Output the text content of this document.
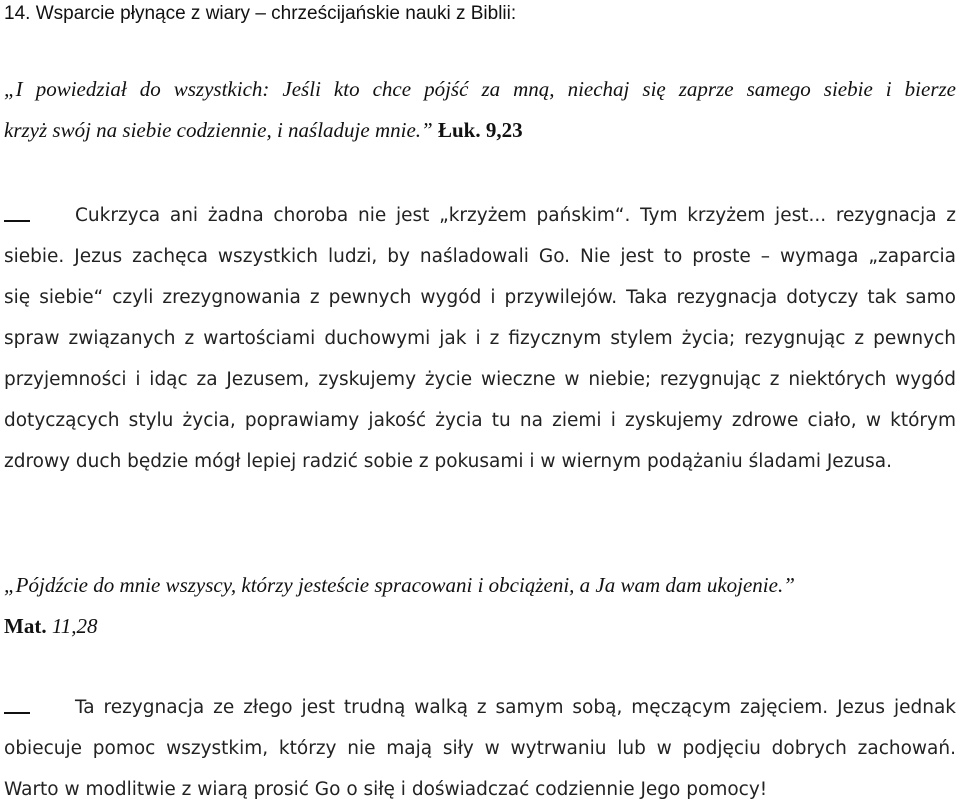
14. Wsparcie płynące z wiary – chrześcijańskie nauki z Biblii:
„I powiedział do wszystkich: Jeśli kto chce pójść za mną, niechaj się zaprze samego siebie i bierze
krzyż swój na siebie codziennie, i naśladuje mnie.” Łuk. 9,23
Cukrzyca ani żadna choroba nie jest „krzyżem pańskim“. Tym krzyżem jest... rezygnacja z
siebie. Jezus zachęca wszystkich ludzi, by naśladowali Go. Nie jest to proste – wymaga „zaparcia
się siebie“ czyli zrezygnowania z pewnych wygód i przywilejów. Taka rezygnacja dotyczy tak samo
spraw związanych z wartościami duchowymi jak i z fizycznym stylem życia; rezygnując z pewnych
przyjemności i idąc za Jezusem, zyskujemy życie wieczne w niebie; rezygnując z niektórych wygód
dotyczących stylu życia, poprawiamy jakość życia tu na ziemi i zyskujemy zdrowe ciało, w którym
zdrowy duch będzie mógł lepiej radzić sobie z pokusami i w wiernym podążaniu śladami Jezusa.
„Pójdźcie do mnie wszyscy, którzy jesteście spracowani i obciążeni, a Ja wam dam ukojenie.”
Mat. 11,28
Ta rezygnacja ze złego jest trudną walką z samym sobą, męczącym zajęciem. Jezus jednak
obiecuje pomoc wszystkim, którzy nie mają siły w wytrwaniu lub w podjęciu dobrych zachowań.
Warto w modlitwie z wiarą prosić Go o siłę i doświadczać codziennie Jego pomocy!
